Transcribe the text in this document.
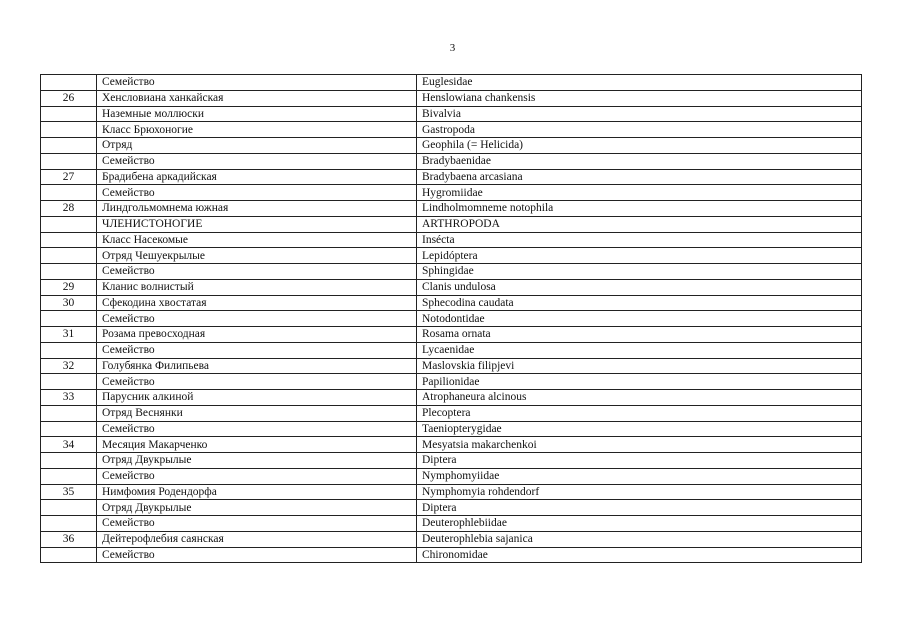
3
	Семейство	Euglesidae
26	Хенсловиана ханкайская	Henslowiana chankensis
	Наземные моллюски	Bivalvia
	Класс Брюхоногие	Gastropoda
	Отряд	Geophila (= Helicida)
	Семейство	Bradybaenidae
27	Брадибена аркадийская	Bradybaena arcasiana
	Семейство	Hygromiidae
28	Линдгольмомнема южная	Lindholmomneme notophila
	ЧЛЕНИСТОНОГИЕ	ARTHROPODA
	Класс Насекомые	Insécta
	Отряд Чешуекрылые	Lepidóptera
	Семейство	Sphingidae
29	Кланис волнистый	Clanis undulosa
30	Сфекодина хвостатая	Sphecodina caudata
	Семейство	Notodontidae
31	Розама превосходная	Rosama ornata
	Семейство	Lycaenidae
32	Голубянка Филипьева	Maslovskia filipjevi
	Семейство	Papilionidae
33	Парусник алкиной	Atrophaneura alcinous
	Отряд Веснянки	Plecoptera
	Семейство	Taeniopterygidae
34	Месяция Макарченко	Mesyatsia makarchenkoi
	Отряд Двукрылые	Diptera
	Семейство	Nymphomyiidae
35	Нимфомия Родендорфа	Nymphomyia rohdendorf
	Отряд Двукрылые	Diptera
	Семейство	Deuterophlebiidae
36	Дейтерофлебия саянская	Deuterophlebia sajanica
	Семейство	Chironomidae
